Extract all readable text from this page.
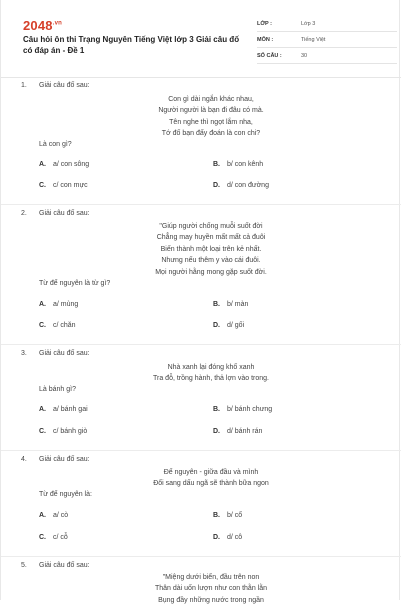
$2048^{.vn}$
Câu hỏi ôn thi Trạng Nguyên Tiếng Việt lớp 3 Giải câu đố có đáp án - Đề 1
LỚP :	Lớp 3
MÔN :	Tiếng Việt
SỐ CÂU :	30
1. Giải câu đố sau:
Con gì dài ngắn khác nhau,
Người người là bạn đi đâu có mà.
Tên nghe thì ngọt lắm nha,
Tớ đố bạn đấy đoán là con chi?
Là con gì?
A. a/ con sông	B. b/ con kênh
C. c/ con mực	D. d/ con đường
2. Giải câu đố sau:
"Giúp người chống muỗi suốt đời
Chẳng may huyền mất mất cả đuôi
Biến thành một loại trên kẻ nhất.
Nhưng nếu thêm y vào cái đuôi.
Mọi người hằng mong gặp suốt đời.
Từ để nguyên là từ gì?
A. a/ mùng	B. b/ màn
C. c/ chăn	D. d/ gối
3. Giải câu đố sau:
Nhà xanh lại đóng khố xanh
Tra đỗ, trồng hành, thả lợn vào trong.
Là bánh gì?
A. a/ bánh gai	B. b/ bánh chưng
C. c/ bánh giò	D. d/ bánh rán
4. Giải câu đố sau:
Để nguyên - giữa đầu và mình
Đổi sang dấu ngã sẽ thành bữa ngon
Từ để nguyên là:
A. a/ cò	B. b/ cổ
C. c/ cỗ	D. d/ cô
5. Giải câu đố sau:
"Miệng dưới biển, đầu trên non
Thân dài uốn lượn như con thằn lằn
Bụng đầy những nước trong ngần
